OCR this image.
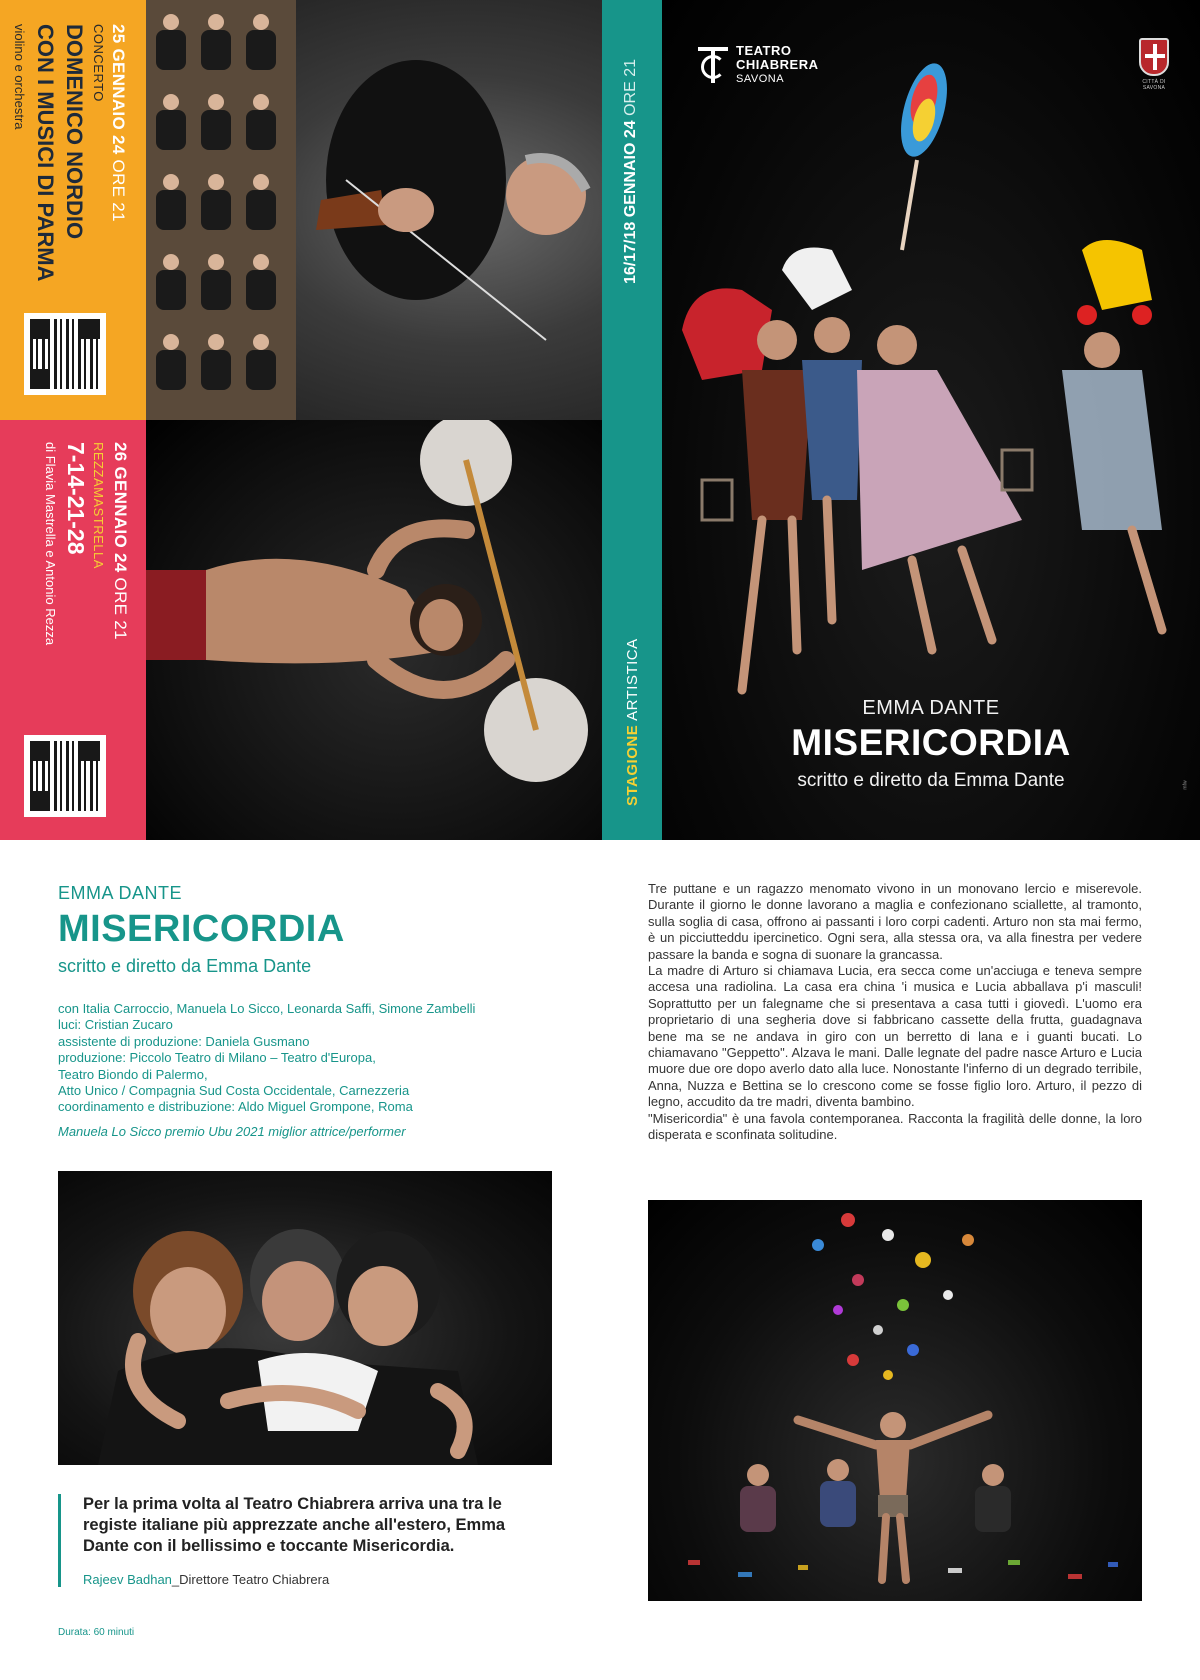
25 GENNAIO 24 ORE 21
CONCERTO
DOMENICO NORDIO
CON I MUSICI DI PARMA
violino e orchestra
26 GENNAIO 24 ORE 21
REZZAMASTRELLA
7-14-21-28
di Flavia Mastrella e Antonio Rezza
16/17/18 GENNAIO 24 ORE 21
STAGIONE ARTISTICA
TEATRO
CHIABRERA
SAVONA	CITTÀ DI SAVONA
EMMA DANTE
MISERICORDIA
scritto e diretto da Emma Dante	mfw
EMMA DANTE
MISERICORDIA
scritto e diretto da Emma Dante
con Italia Carroccio, Manuela Lo Sicco, Leonarda Saffi, Simone Zambelli
luci: Cristian Zucaro
assistente di produzione: Daniela Gusmano
produzione: Piccolo Teatro di Milano – Teatro d'Europa,
Teatro Biondo di Palermo,
Atto Unico / Compagnia Sud Costa Occidentale, Carnezzeria
coordinamento e distribuzione: Aldo Miguel Grompone, Roma
Manuela Lo Sicco premio Ubu 2021 miglior attrice/performer

Tre puttane e un ragazzo menomato vivono in un monovano lercio e miserevole. Durante il giorno le donne lavorano a maglia e confezionano sciallette, al tramonto, sulla soglia di casa, offrono ai passanti i loro corpi cadenti. Arturo non sta mai fermo, è un picciutteddu ipercinetico. Ogni sera, alla stessa ora, va alla finestra per vedere passare la banda e sogna di suonare la grancassa.

La madre di Arturo si chiamava Lucia, era secca come un'acciuga e teneva sempre accesa una radiolina. La casa era china 'i musica e Lucia abballava p'i masculi! Soprattutto per un falegname che si presentava a casa tutti i giovedì. L'uomo era proprietario di una segheria dove si fabbricano cassette della frutta, guadagnava bene ma se ne andava in giro con un berretto di lana e i guanti bucati. Lo chiamavano "Geppetto". Alzava le mani. Dalle legnate del padre nasce Arturo e Lucia muore due ore dopo averlo dato alla luce. Nonostante l'inferno di un degrado terribile, Anna, Nuzza e Bettina se lo crescono come se fosse figlio loro. Arturo, il pezzo di legno, accudito da tre madri, diventa bambino.

"Misericordia" è una favola contemporanea. Racconta la fragilità delle donne, la loro disperata e sconfinata solitudine.

Per la prima volta al Teatro Chiabrera arriva una tra le registe italiane più apprezzate anche all'estero, Emma Dante con il bellissimo e toccante Misericordia.
Rajeev Badhan_Direttore Teatro Chiabrera
Durata: 60 minuti
